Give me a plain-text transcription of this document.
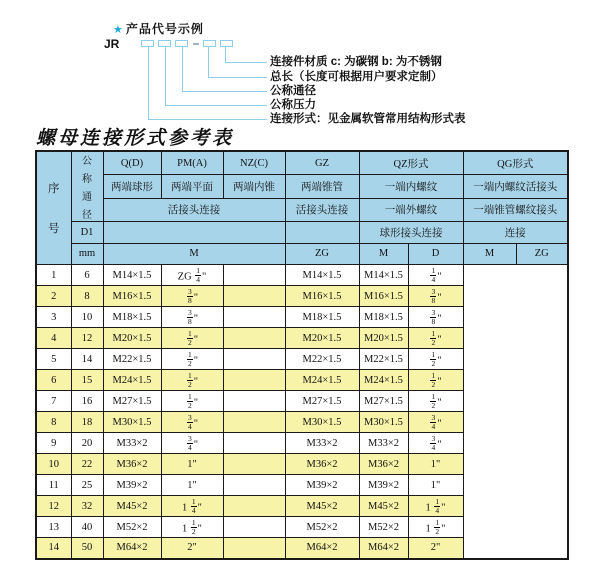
★ 产品代号示例
JR
连接件材质 c: 为碳钢 b: 为不锈钢
总长（长度可根据用户要求定制）
公称通径
公称压力
连接形式：见金属软管常用结构形式表
螺母连接形式参考表
序
号	公
称
通
径	Q(D)	PM(A)	NZ(C)	GZ	QZ形式		QG形式	
		两端球形	两端平面	两端内锥	两端锥管	一端内螺纹		一端内螺纹活接头	
		活接头连接			活接头连接	一端外螺纹		一端锥管螺纹接头	
	D1					球形接头连接		连接	
	mm	M			ZG	M	D	M	ZG
1	6	M14×1.5	ZG $\frac{1}{4}$ "		M14×1.5	M14×1.5	$\frac{1}{4}$ "		
2	8	M16×1.5	$\frac{3}{8}$ "		M16×1.5	M16×1.5	$\frac{3}{8}$ "		
3	10	M18×1.5	$\frac{3}{8}$ "		M18×1.5	M18×1.5	$\frac{3}{8}$ "		
4	12	M20×1.5	$\frac{1}{2}$ "		M20×1.5	M20×1.5	$\frac{1}{2}$ "		
5	14	M22×1.5	$\frac{1}{2}$ "		M22×1.5	M22×1.5	$\frac{1}{2}$ "		
6	15	M24×1.5	$\frac{1}{2}$ "		M24×1.5	M24×1.5	$\frac{1}{2}$ "		
7	16	M27×1.5	$\frac{1}{2}$ "		M27×1.5	M27×1.5	$\frac{1}{2}$ "		
8	18	M30×1.5	$\frac{3}{4}$ "		M30×1.5	M30×1.5	$\frac{3}{4}$ "		
9	20	M33×2	$\frac{3}{4}$ "		M33×2	M33×2	$\frac{3}{4}$ "		
10	22	M36×2	1"		M36×2	M36×2	1"		
11	25	M39×2	1"		M39×2	M39×2	1"		
12	32	M45×2	$1 \frac{1}{4}$ "		M45×2	M45×2	$1 \frac{1}{4}$ "		
13	40	M52×2	$1 \frac{1}{2}$ "		M52×2	M52×2	$1 \frac{1}{2}$ "		
14	50	M64×2	2"		M64×2	M64×2	2"		
